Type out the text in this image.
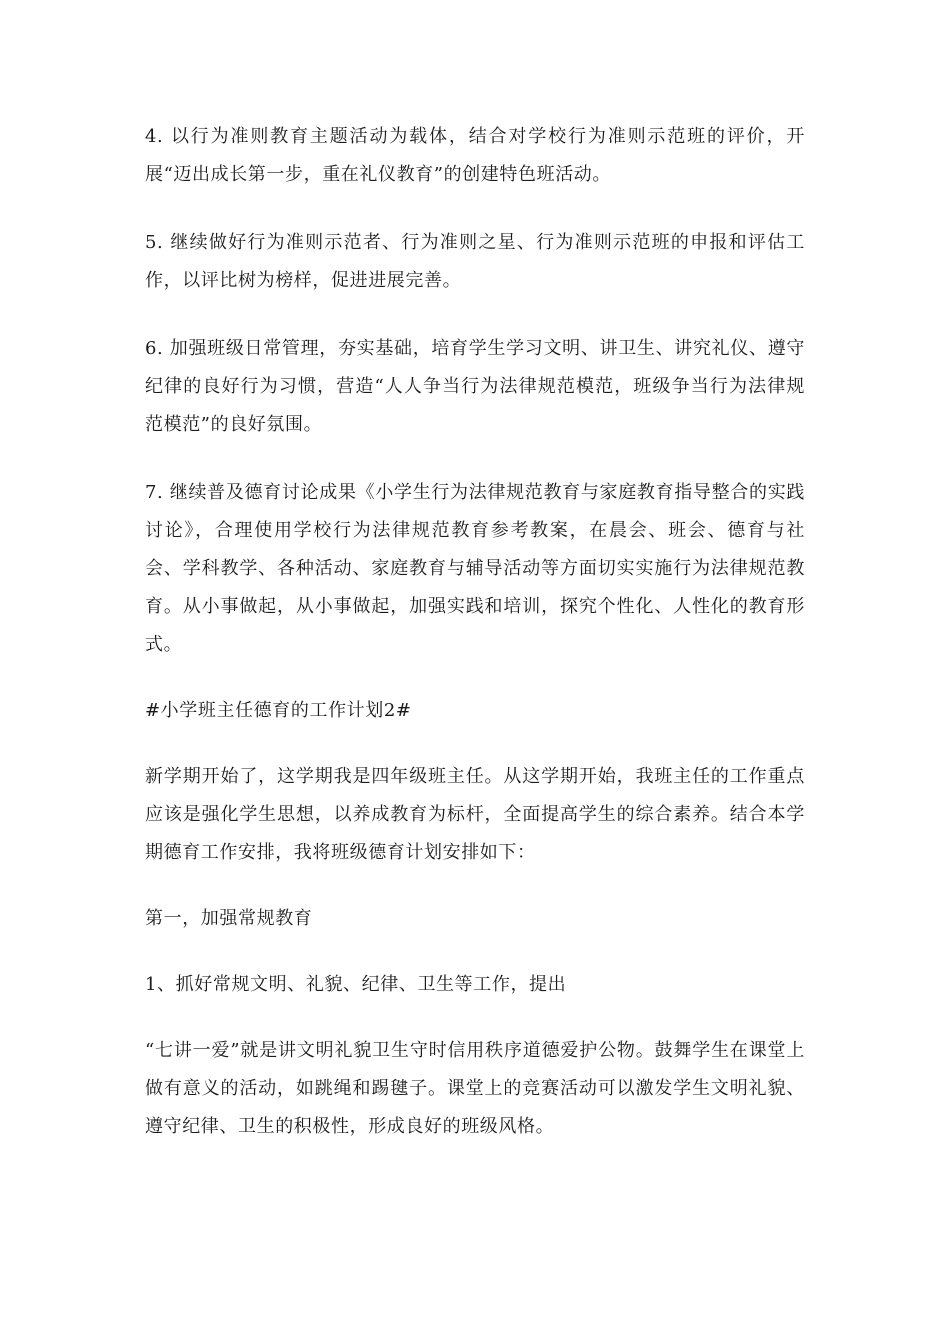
4. 以行为准则教育主题活动为载体，结合对学校行为准则示范班的评价，开展“迈出成长第一步，重在礼仪教育”的创建特色班活动。

5. 继续做好行为准则示范者、行为准则之星、行为准则示范班的申报和评估工作，以评比树为榜样，促进进展完善。

6. 加强班级日常管理，夯实基础，培育学生学习文明、讲卫生、讲究礼仪、遵守纪律的良好行为习惯，营造“人人争当行为法律规范模范，班级争当行为法律规范模范”的良好氛围。

7. 继续普及德育讨论成果《小学生行为法律规范教育与家庭教育指导整合的实践讨论》，合理使用学校行为法律规范教育参考教案，在晨会、班会、德育与社会、学科教学、各种活动、家庭教育与辅导活动等方面切实实施行为法律规范教育。从小事做起，从小事做起，加强实践和培训，探究个性化、人性化的教育形式。

#小学班主任德育的工作计划2#

新学期开始了，这学期我是四年级班主任。从这学期开始，我班主任的工作重点应该是强化学生思想，以养成教育为标杆，全面提高学生的综合素养。结合本学期德育工作安排，我将班级德育计划安排如下：

第一，加强常规教育

1、抓好常规文明、礼貌、纪律、卫生等工作，提出

“七讲一爱”就是讲文明礼貌卫生守时信用秩序道德爱护公物。鼓舞学生在课堂上做有意义的活动，如跳绳和踢毽子。课堂上的竞赛活动可以激发学生文明礼貌、遵守纪律、卫生的积极性，形成良好的班级风格。
